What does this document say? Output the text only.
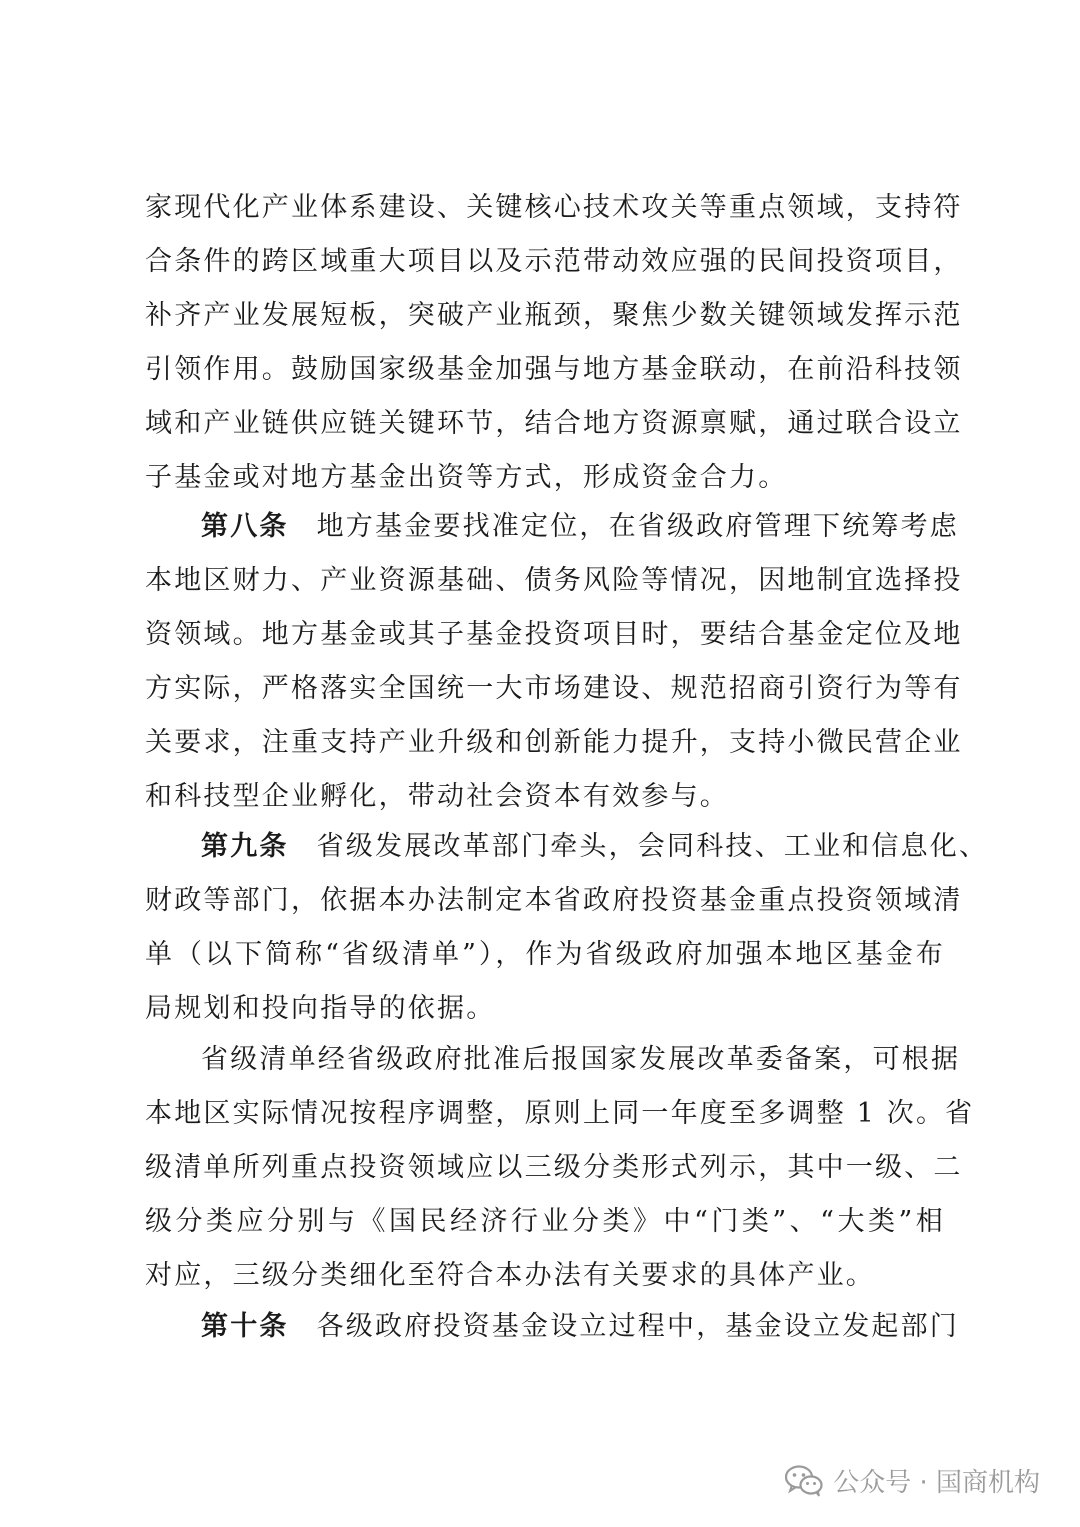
家现代化产业体系建设、关键核心技术攻关等重点领域，支持符
合条件的跨区域重大项目以及示范带动效应强的民间投资项目，
补齐产业发展短板，突破产业瓶颈，聚焦少数关键领域发挥示范
引领作用。鼓励国家级基金加强与地方基金联动，在前沿科技领
域和产业链供应链关键环节，结合地方资源禀赋，通过联合设立
子基金或对地方基金出资等方式，形成资金合力。
第八条 地方基金要找准定位，在省级政府管理下统筹考虑
本地区财力、产业资源基础、债务风险等情况，因地制宜选择投
资领域。地方基金或其子基金投资项目时，要结合基金定位及地
方实际，严格落实全国统一大市场建设、规范招商引资行为等有
关要求，注重支持产业升级和创新能力提升，支持小微民营企业
和科技型企业孵化，带动社会资本有效参与。
第九条 省级发展改革部门牵头，会同科技、工业和信息化、
财政等部门，依据本办法制定本省政府投资基金重点投资领域清
单（以下简称“省级清单”），作为省级政府加强本地区基金布
局规划和投向指导的依据。
省级清单经省级政府批准后报国家发展改革委备案，可根据
本地区实际情况按程序调整，原则上同一年度至多调整 1 次。省
级清单所列重点投资领域应以三级分类形式列示，其中一级、二
级分类应分别与《国民经济行业分类》中“门类”、“大类”相
对应，三级分类细化至符合本办法有关要求的具体产业。
第十条 各级政府投资基金设立过程中，基金设立发起部门
公众号 · 国商机构
